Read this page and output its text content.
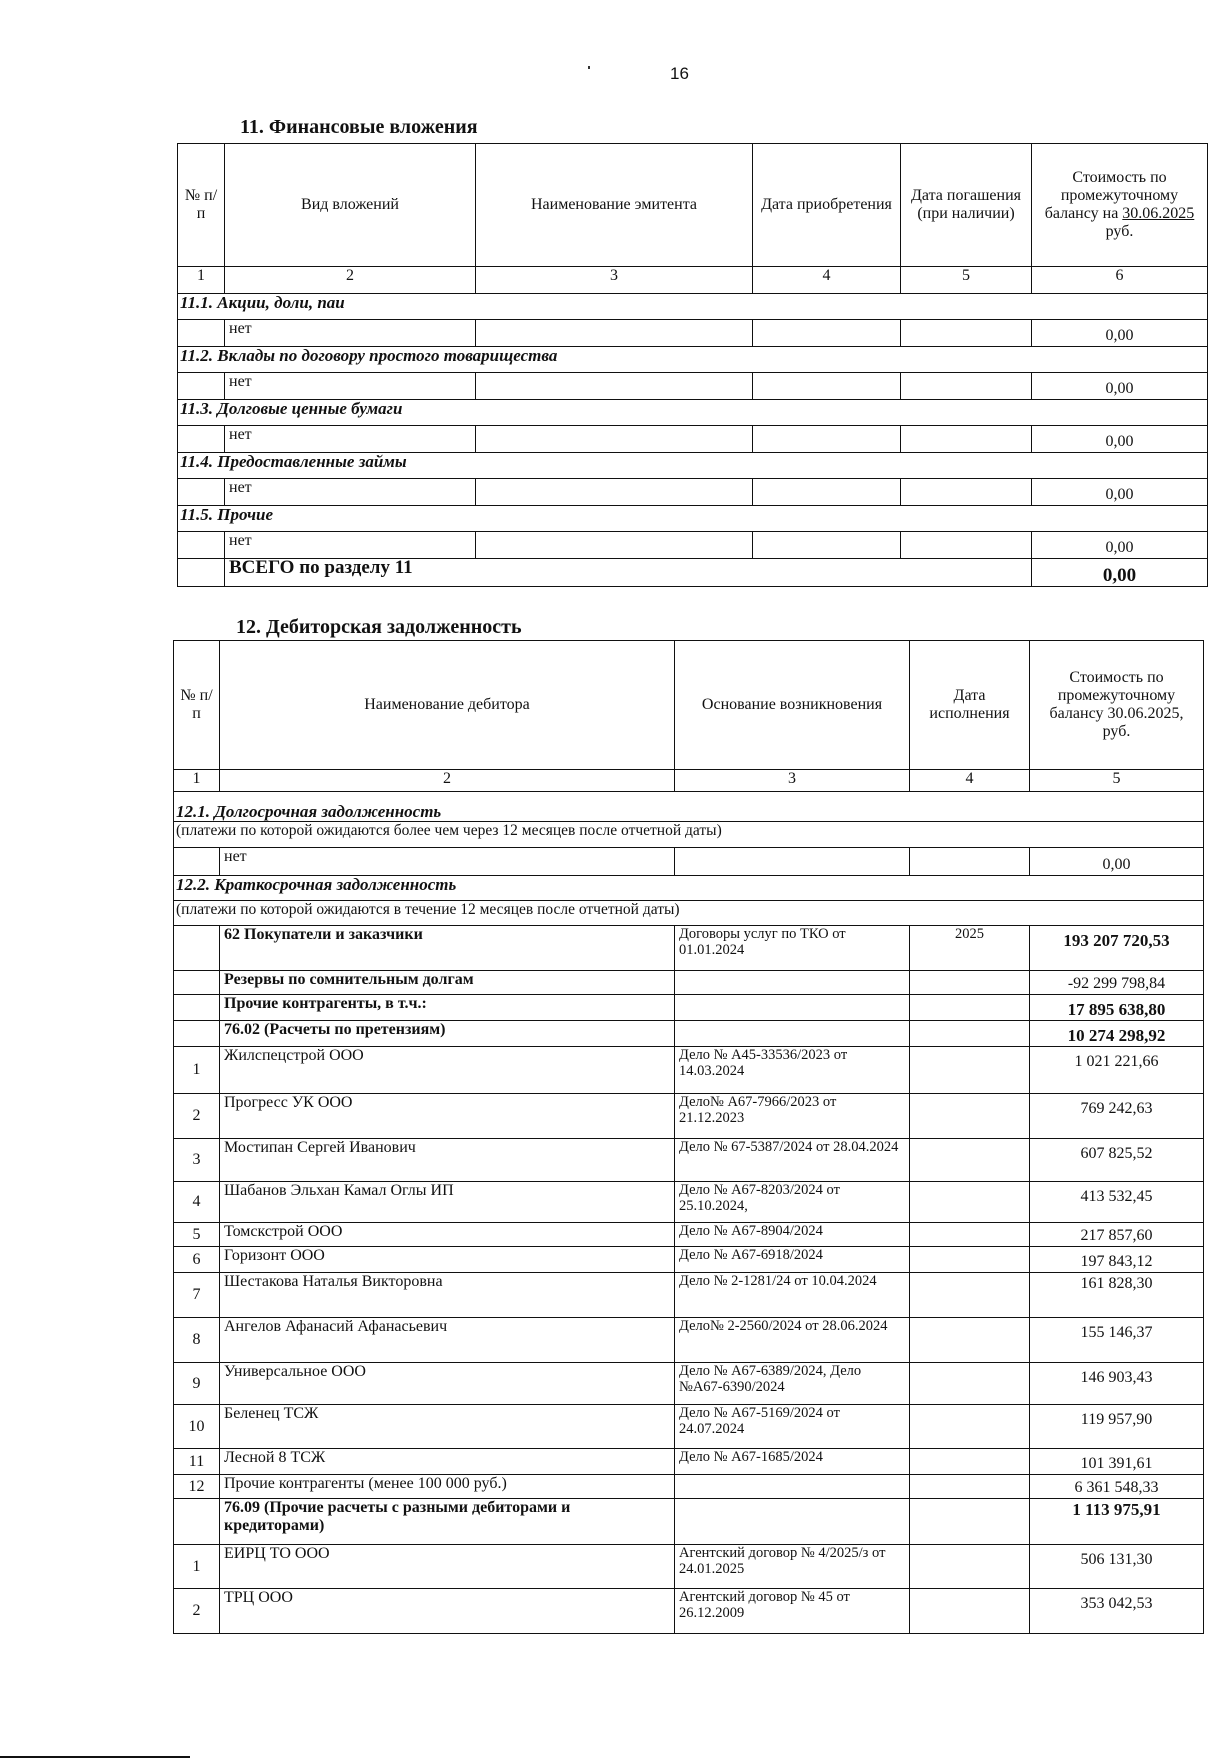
16
11. Финансовые вложения
№ п/п	Вид вложений	Наименование эмитента	Дата приобретения	Дата погашения (при наличии)	Стоимость по промежуточному балансу на 30.06.2025
руб.
1	2	3	4	5	6
11.1. Акции, доли, паи					
	нет				0,00
11.2. Вклады по договору простого товарищества					
	нет				0,00
11.3. Долговые ценные бумаги					
	нет				0,00
11.4. Предоставленные займы					
	нет				0,00
11.5. Прочие					
	нет				0,00
	ВСЕГО по разделу 11				0,00
12. Дебиторская задолженность
№ п/п	Наименование дебитора	Основание возникновения	Дата исполнения	Стоимость по промежуточному балансу 30.06.2025, руб.
1	2	3	4	5
12.1. Долгосрочная задолженность				
(платежи по которой ожидаются более чем через 12 месяцев после отчетной даты)				
	нет			0,00
12.2. Краткосрочная задолженность				
(платежи по которой ожидаются в течение 12 месяцев после отчетной даты)				
	62 Покупатели и заказчики	Договоры услуг по ТКО от 01.01.2024	2025	193 207 720,53
	Резервы по сомнительным долгам			-92 299 798,84
	Прочие контрагенты, в т.ч.:			17 895 638,80
	76.02 (Расчеты по претензиям)			10 274 298,92
1	Жилспецстрой ООО	Дело № А45-33536/2023 от 14.03.2024		1 021 221,66
2	Прогресс УК ООО	Дело№ А67-7966/2023 от 21.12.2023		769 242,63
3	Мостипан Сергей Иванович	Дело № 67-5387/2024 от 28.04.2024		607 825,52
4	Шабанов Эльхан Камал Оглы ИП	Дело № А67-8203/2024 от 25.10.2024,		413 532,45
5	Томскстрой ООО	Дело № А67-8904/2024		217 857,60
6	Горизонт ООО	Дело № А67-6918/2024		197 843,12
7	Шестакова Наталья Викторовна	Дело № 2-1281/24 от 10.04.2024		161 828,30
8	Ангелов Афанасий Афанасьевич	Дело№ 2-2560/2024 от 28.06.2024		155 146,37
9	Универсальное ООО	Дело № А67-6389/2024, Дело №А67-6390/2024		146 903,43
10	Беленец ТСЖ	Дело № А67-5169/2024 от 24.07.2024		119 957,90
11	Лесной 8 ТСЖ	Дело № А67-1685/2024		101 391,61
12	Прочие контрагенты (менее 100 000 руб.)			6 361 548,33
	76.09 (Прочие расчеты с разными дебиторами и кредиторами)			1 113 975,91
1	ЕИРЦ ТО ООО	Агентский договор № 4/2025/з от 24.01.2025		506 131,30
2	ТРЦ ООО	Агентский договор № 45 от 26.12.2009		353 042,53
